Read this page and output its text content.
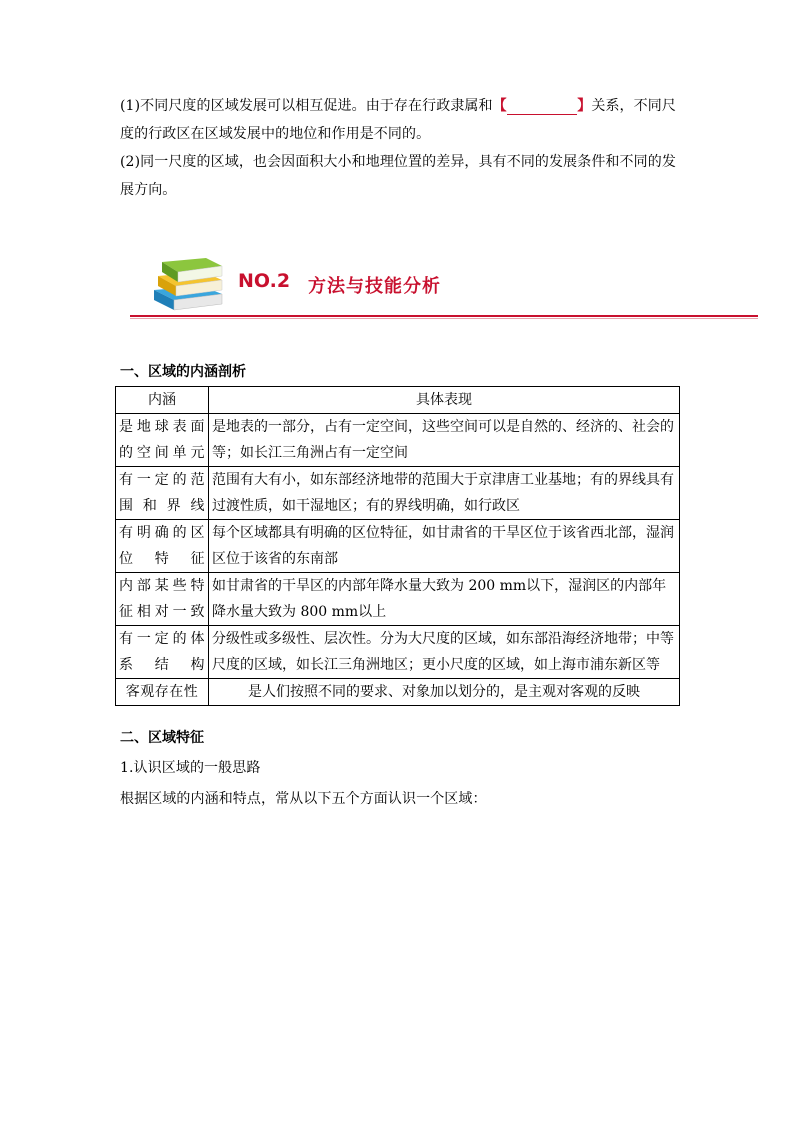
(1)不同尺度的区域发展可以相互促进。由于存在行政隶属和【　　　　　	】关系，不同尺度的行政区在区域发展中的地位和作用是不同的。
(2)同一尺度的区域，也会因面积大小和地理位置的差异，具有不同的发展条件和不同的发展方向。
NO.2 方法与技能分析
一、区域的内涵剖析
内涵	具体表现
是地球表面的空间单元	是地表的一部分，占有一定空间，这些空间可以是自然的、经济的、社会的等；如长江三角洲占有一定空间
有一定的范围和界线	范围有大有小，如东部经济地带的范围大于京津唐工业基地；有的界线具有过渡性质，如干湿地区；有的界线明确，如行政区
有明确的区位特征	每个区域都具有明确的区位特征，如甘肃省的干旱区位于该省西北部，湿润区位于该省的东南部
内部某些特征相对一致	如甘肃省的干旱区的内部年降水量大致为 200 mm以下，湿润区的内部年降水量大致为 800 mm以上
有一定的体系结构	分级性或多级性、层次性。分为大尺度的区域，如东部沿海经济地带；中等尺度的区域，如长江三角洲地区；更小尺度的区域，如上海市浦东新区等
客观存在性	是人们按照不同的要求、对象加以划分的，是主观对客观的反映
二、区域特征
1.认识区域的一般思路
根据区域的内涵和特点，常从以下五个方面认识一个区域：
